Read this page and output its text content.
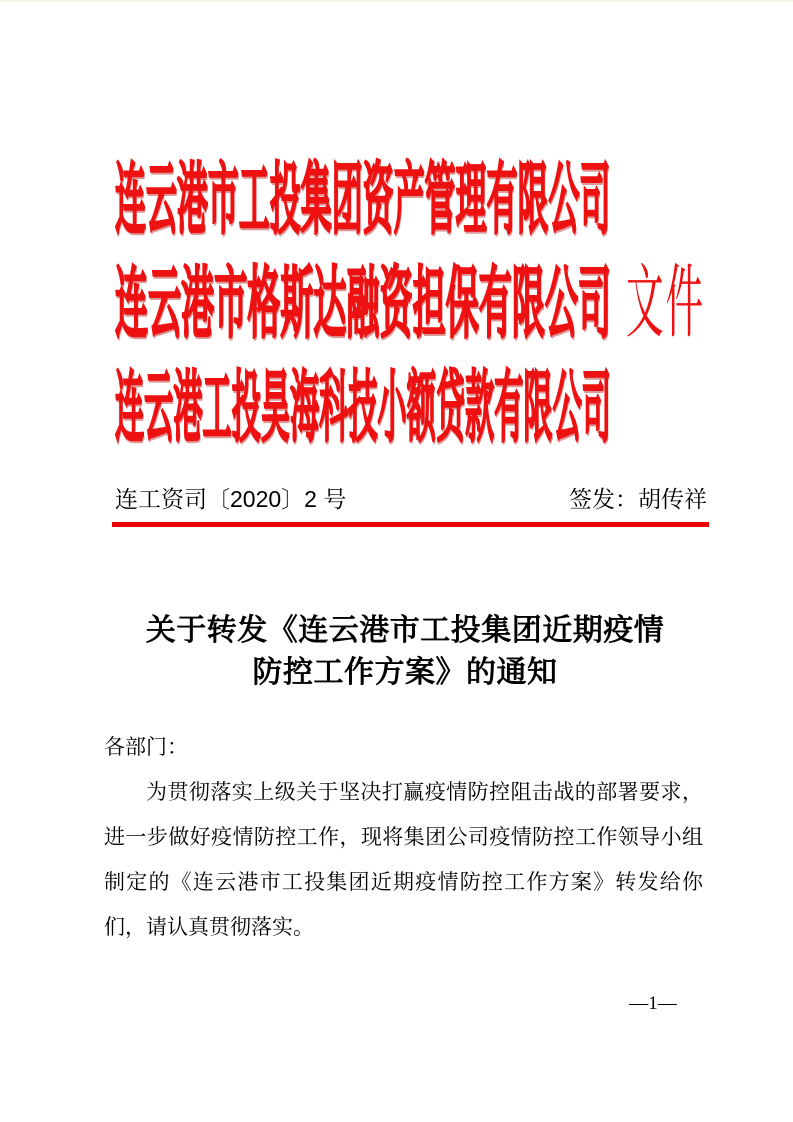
连云港市工投集团资产管理有限公司
连云港市格斯达融资担保有限公司
连云港工投昊海科技小额贷款有限公司
文件
连工资司〔2020〕2 号	签发：胡传祥
关于转发《连云港市工投集团近期疫情
防控工作方案》的通知
各部门：

为贯彻落实上级关于坚决打赢疫情防控阻击战的部署要求，进一步做好疫情防控工作，现将集团公司疫情防控工作领导小组制定的《连云港市工投集团近期疫情防控工作方案》转发给你们，请认真贯彻落实。

—1—
